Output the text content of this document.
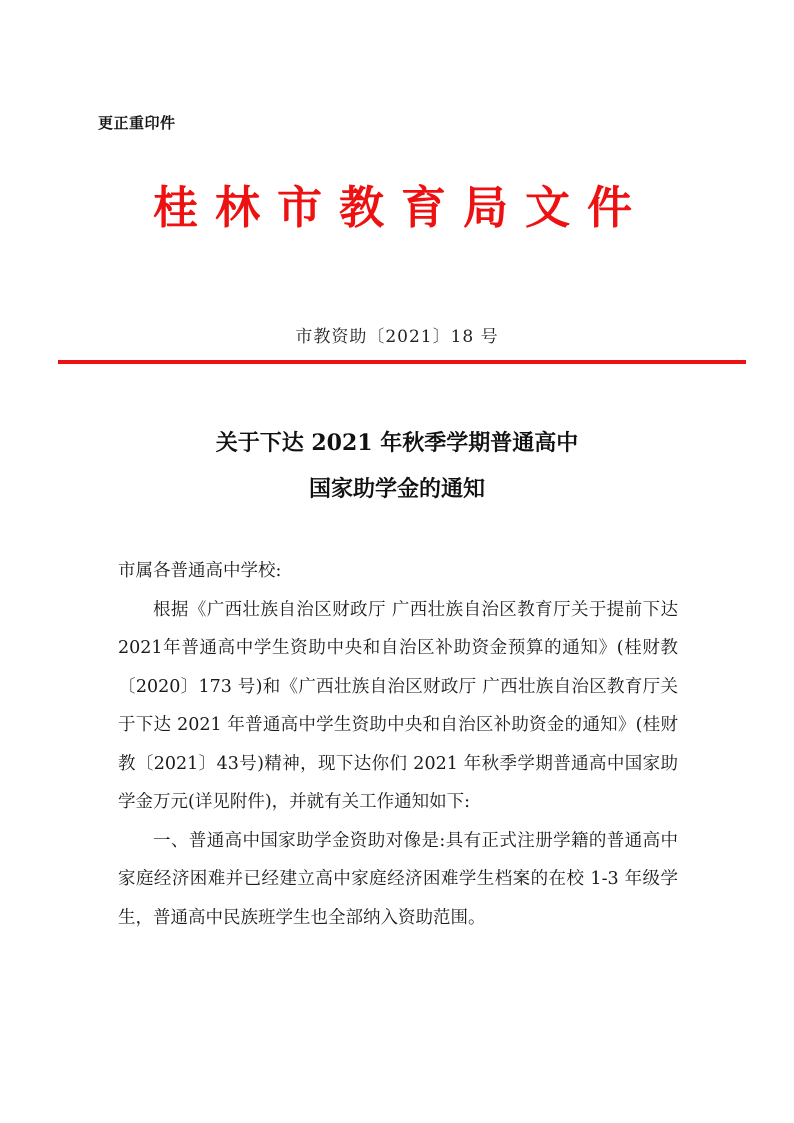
更正重印件
桂林市教育局文件
市教资助〔2021〕18 号
关于下达 2021 年秋季学期普通高中
国家助学金的通知

市属各普通高中学校:

根据《广西壮族自治区财政厅 广西壮族自治区教育厅关于提前下达2021年普通高中学生资助中央和自治区补助资金预算的通知》(桂财教〔2020〕173 号)和《广西壮族自治区财政厅 广西壮族自治区教育厅关于下达 2021 年普通高中学生资助中央和自治区补助资金的通知》(桂财教〔2021〕43号)精神，现下达你们 2021 年秋季学期普通高中国家助学金万元(详见附件)，并就有关工作通知如下:

一、普通高中国家助学金资助对像是:具有正式注册学籍的普通高中家庭经济困难并已经建立高中家庭经济困难学生档案的在校 1-3 年级学生，普通高中民族班学生也全部纳入资助范围。
